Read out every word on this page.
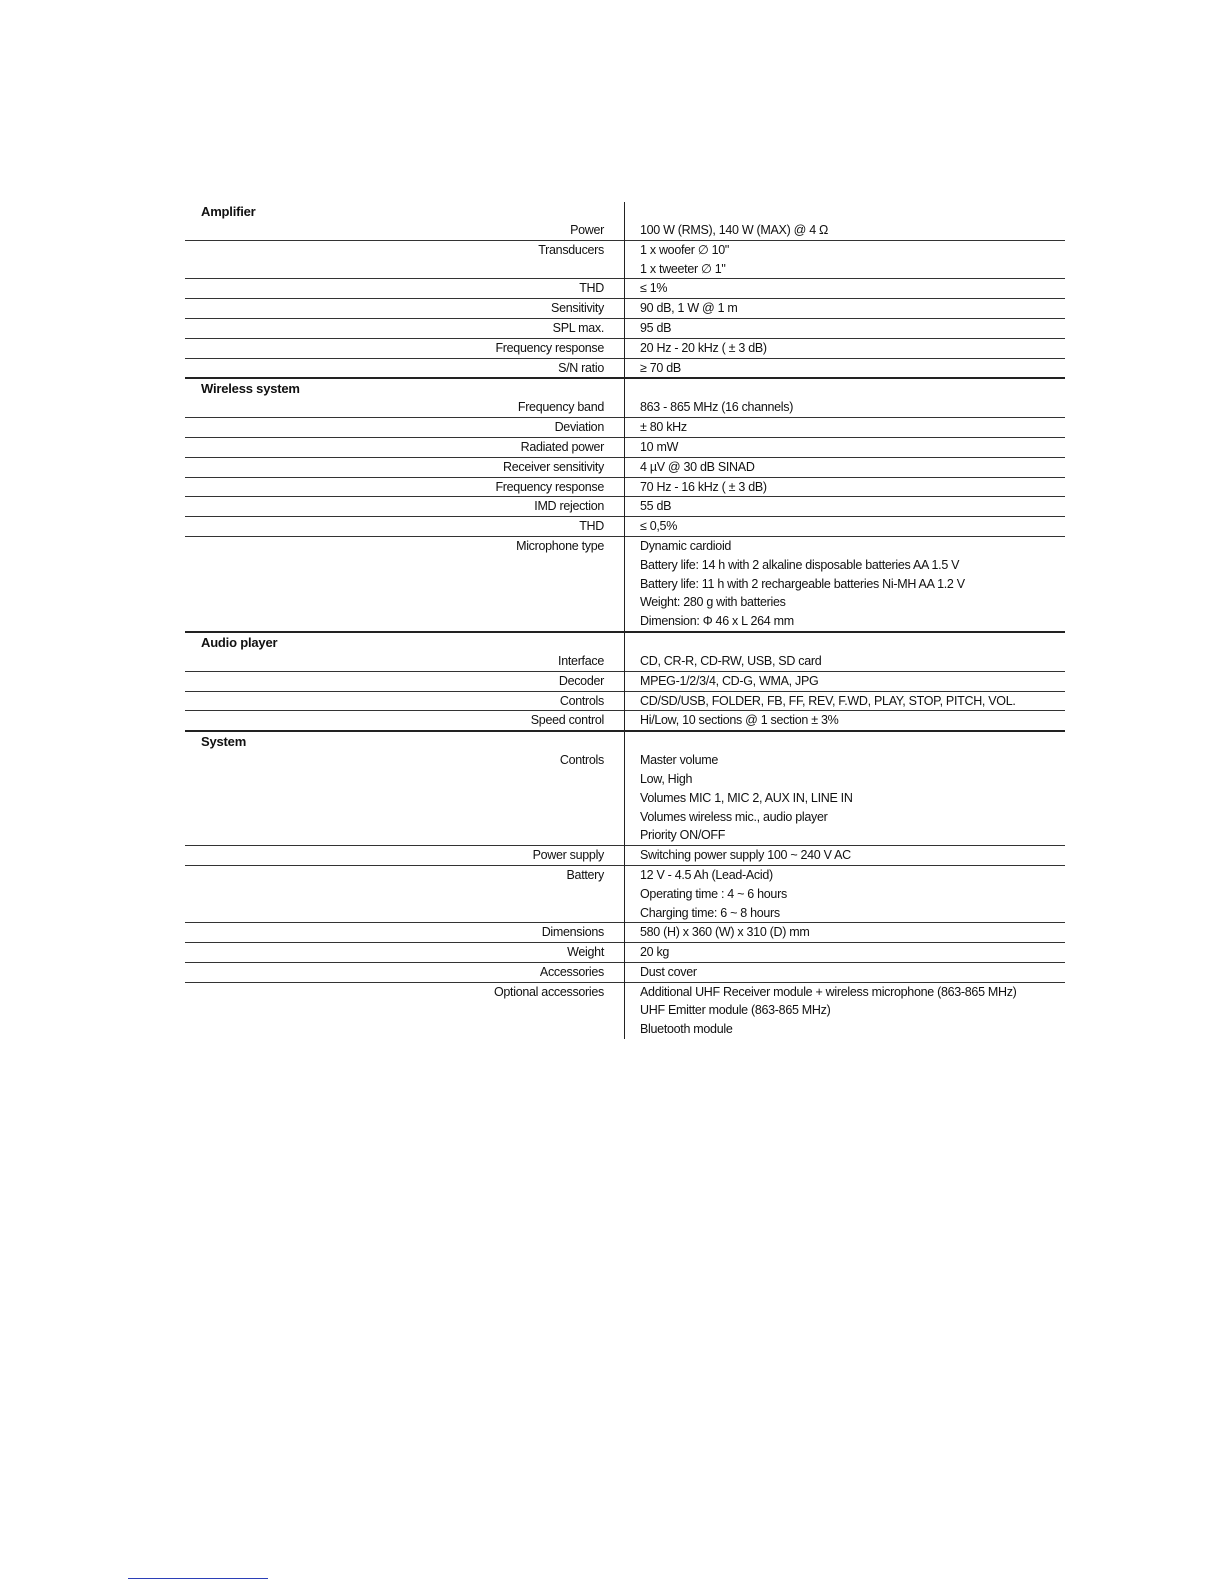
Amplifier
Power	100 W (RMS), 140 W (MAX) @ 4 Ω
Transducers	1 x woofer ∅ 10"
1 x tweeter ∅ 1"
THD	≤ 1%
Sensitivity	90 dB, 1 W @ 1 m
SPL max.	95 dB
Frequency response	20 Hz - 20 kHz ( ± 3 dB)
S/N ratio	≥ 70 dB
Wireless system
Frequency band	863 - 865 MHz (16 channels)
Deviation	± 80 kHz
Radiated power	10 mW
Receiver sensitivity	4 µV @ 30 dB SINAD
Frequency response	70 Hz - 16 kHz ( ± 3 dB)
IMD rejection	55 dB
THD	≤ 0,5%
Microphone type	Dynamic cardioid
Battery life: 14 h with 2 alkaline disposable batteries AA 1.5 V
Battery life: 11 h with 2 rechargeable batteries Ni-MH AA 1.2 V
Weight: 280 g with batteries
Dimension: Φ 46 x L 264 mm
Audio player
Interface	CD, CR-R, CD-RW, USB, SD card
Decoder	MPEG-1/2/3/4, CD-G, WMA, JPG
Controls	CD/SD/USB, FOLDER, FB, FF, REV, F.WD, PLAY, STOP, PITCH, VOL.
Speed control	Hi/Low, 10 sections @ 1 section ± 3%
System
Controls	Master volume
Low, High
Volumes MIC 1, MIC 2, AUX IN, LINE IN
Volumes wireless mic., audio player
Priority ON/OFF
Power supply	Switching power supply 100 ~ 240 V AC
Battery	12 V - 4.5 Ah (Lead-Acid)
Operating time : 4 ~ 6 hours
Charging time: 6 ~ 8 hours
Dimensions	580 (H) x 360 (W) x 310 (D) mm
Weight	20 kg
Accessories	Dust cover
Optional accessories	Additional UHF Receiver module + wireless microphone (863-865 MHz)
UHF Emitter module (863-865 MHz)
Bluetooth module
